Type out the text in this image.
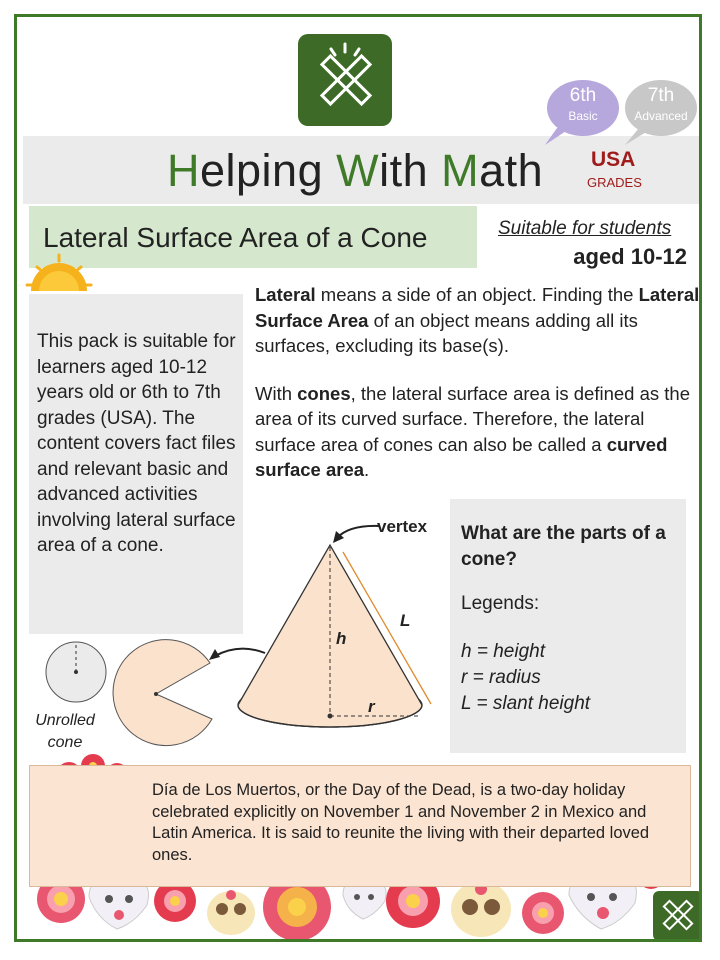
6th
Basic
7th
Advanced
Helping With Math USA
GRADES
Lateral Surface Area of a Cone	Suitable for students
aged 10-12
This pack is suitable for learners aged 10-12 years old or 6th to 7th grades (USA). The content covers fact files and relevant basic and advanced activities involving lateral surface area of a cone.

Lateral means a side of an object. Finding the Lateral Surface Area of an object means adding all its surfaces, excluding its base(s).

With cones, the lateral surface area is defined as the area of its curved surface. Therefore, the lateral surface area of cones can also be called a curved surface area.

vertex
h
L
r
Unrolled cone
What are the parts of a cone?
Legends:
h = height
r = radius
L = slant height
Día de Los Muertos, or the Day of the Dead, is a two-day holiday celebrated explicitly on November 1 and November 2 in Mexico and Latin America. It is said to reunite the living with their departed loved ones.
